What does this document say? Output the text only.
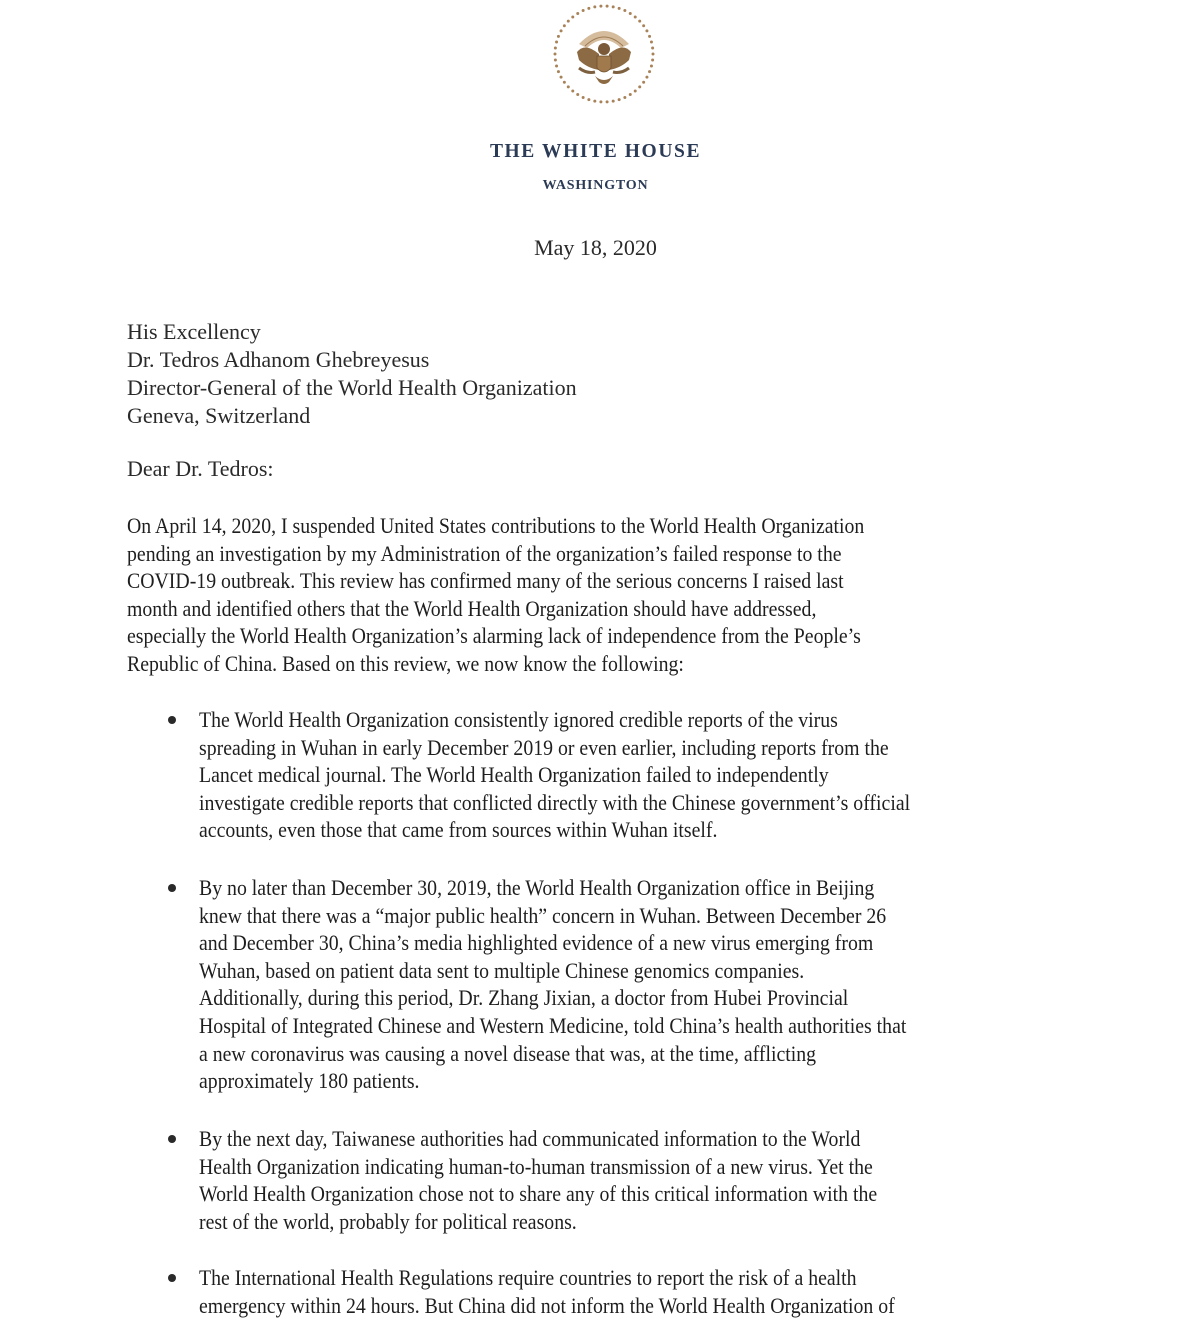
THE WHITE HOUSE
WASHINGTON
May 18, 2020
His Excellency
Dr. Tedros Adhanom Ghebreyesus
Director-General of the World Health Organization
Geneva, Switzerland
Dear Dr. Tedros:
On April 14, 2020, I suspended United States contributions to the World Health Organization
pending an investigation by my Administration of the organization’s failed response to the
COVID-19 outbreak. This review has confirmed many of the serious concerns I raised last
month and identified others that the World Health Organization should have addressed,
especially the World Health Organization’s alarming lack of independence from the People’s
Republic of China. Based on this review, we now know the following:
The World Health Organization consistently ignored credible reports of the virus
spreading in Wuhan in early December 2019 or even earlier, including reports from the
Lancet medical journal. The World Health Organization failed to independently
investigate credible reports that conflicted directly with the Chinese government’s official
accounts, even those that came from sources within Wuhan itself.
By no later than December 30, 2019, the World Health Organization office in Beijing
knew that there was a “major public health” concern in Wuhan. Between December 26
and December 30, China’s media highlighted evidence of a new virus emerging from
Wuhan, based on patient data sent to multiple Chinese genomics companies.
Additionally, during this period, Dr. Zhang Jixian, a doctor from Hubei Provincial
Hospital of Integrated Chinese and Western Medicine, told China’s health authorities that
a new coronavirus was causing a novel disease that was, at the time, afflicting
approximately 180 patients.
By the next day, Taiwanese authorities had communicated information to the World
Health Organization indicating human-to-human transmission of a new virus. Yet the
World Health Organization chose not to share any of this critical information with the
rest of the world, probably for political reasons.
The International Health Regulations require countries to report the risk of a health
emergency within 24 hours. But China did not inform the World Health Organization of
